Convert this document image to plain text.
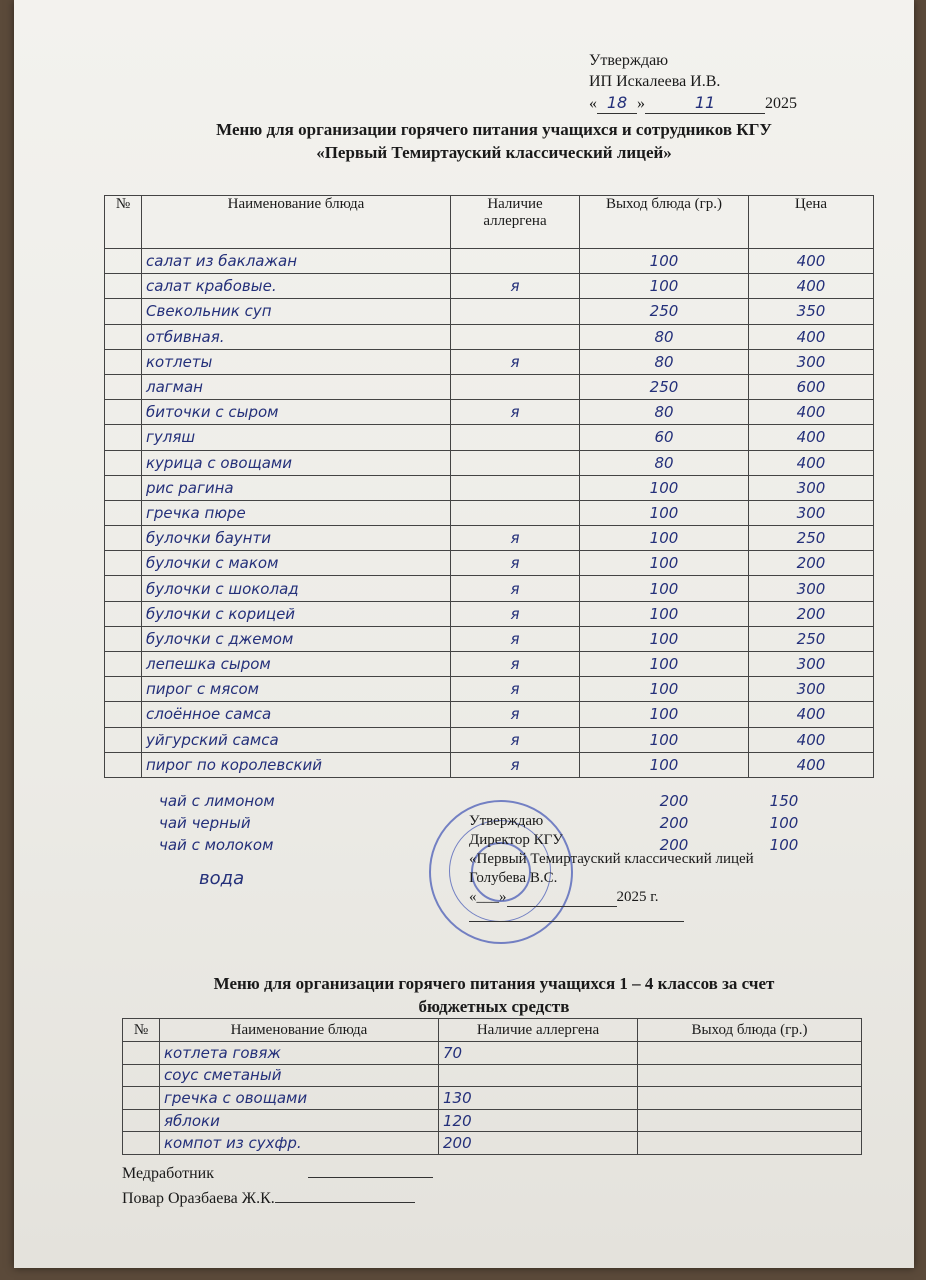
Утверждаю
ИП Искалеева И.В.
« 18 »	11	2025
Меню для организации горячего питания учащихся и сотрудников КГУ
«Первый Темиртауский классический лицей»
№	Наименование блюда	Наличие аллергена	Выход блюда (гр.)	Цена
	салат из баклажан		100	400
	салат крабовые.	я	100	400
	Свекольник суп		250	350
	отбивная.		80	400
	котлеты	я	80	300
	лагман		250	600
	биточки с сыром	я	80	400
	гуляш		60	400
	курица с овощами		80	400
	рис рагина		100	300
	гречка пюре		100	300
	булочки баунти	я	100	250
	булочки с маком	я	100	200
	булочки с шоколад	я	100	300
	булочки с корицей	я	100	200
	булочки с джемом	я	100	250
	лепешка сыром	я	100	300
	пирог с мясом	я	100	300
	слоённое самса	я	100	400
	уйгурский самса	я	100	400
	пирог по королевский	я	100	400
чай с лимоном	200	150
чай черный	200	100
чай с молоком	200	100
вода
Утверждаю
Директор КГУ
«Первый Темиртауский классический лицей
Голубева В.С.
«___»	2025 г.
Меню для организации горячего питания учащихся 1 – 4 классов за счет
бюджетных средств
№	Наименование блюда	Наличие аллергена	Выход блюда (гр.)
	котлета говяж	70	
	соус сметаный		
	гречка с овощами	130	
	яблоки	120	
	компот из сухфр.	200	
Медработник
Повар Оразбаева Ж.К.
